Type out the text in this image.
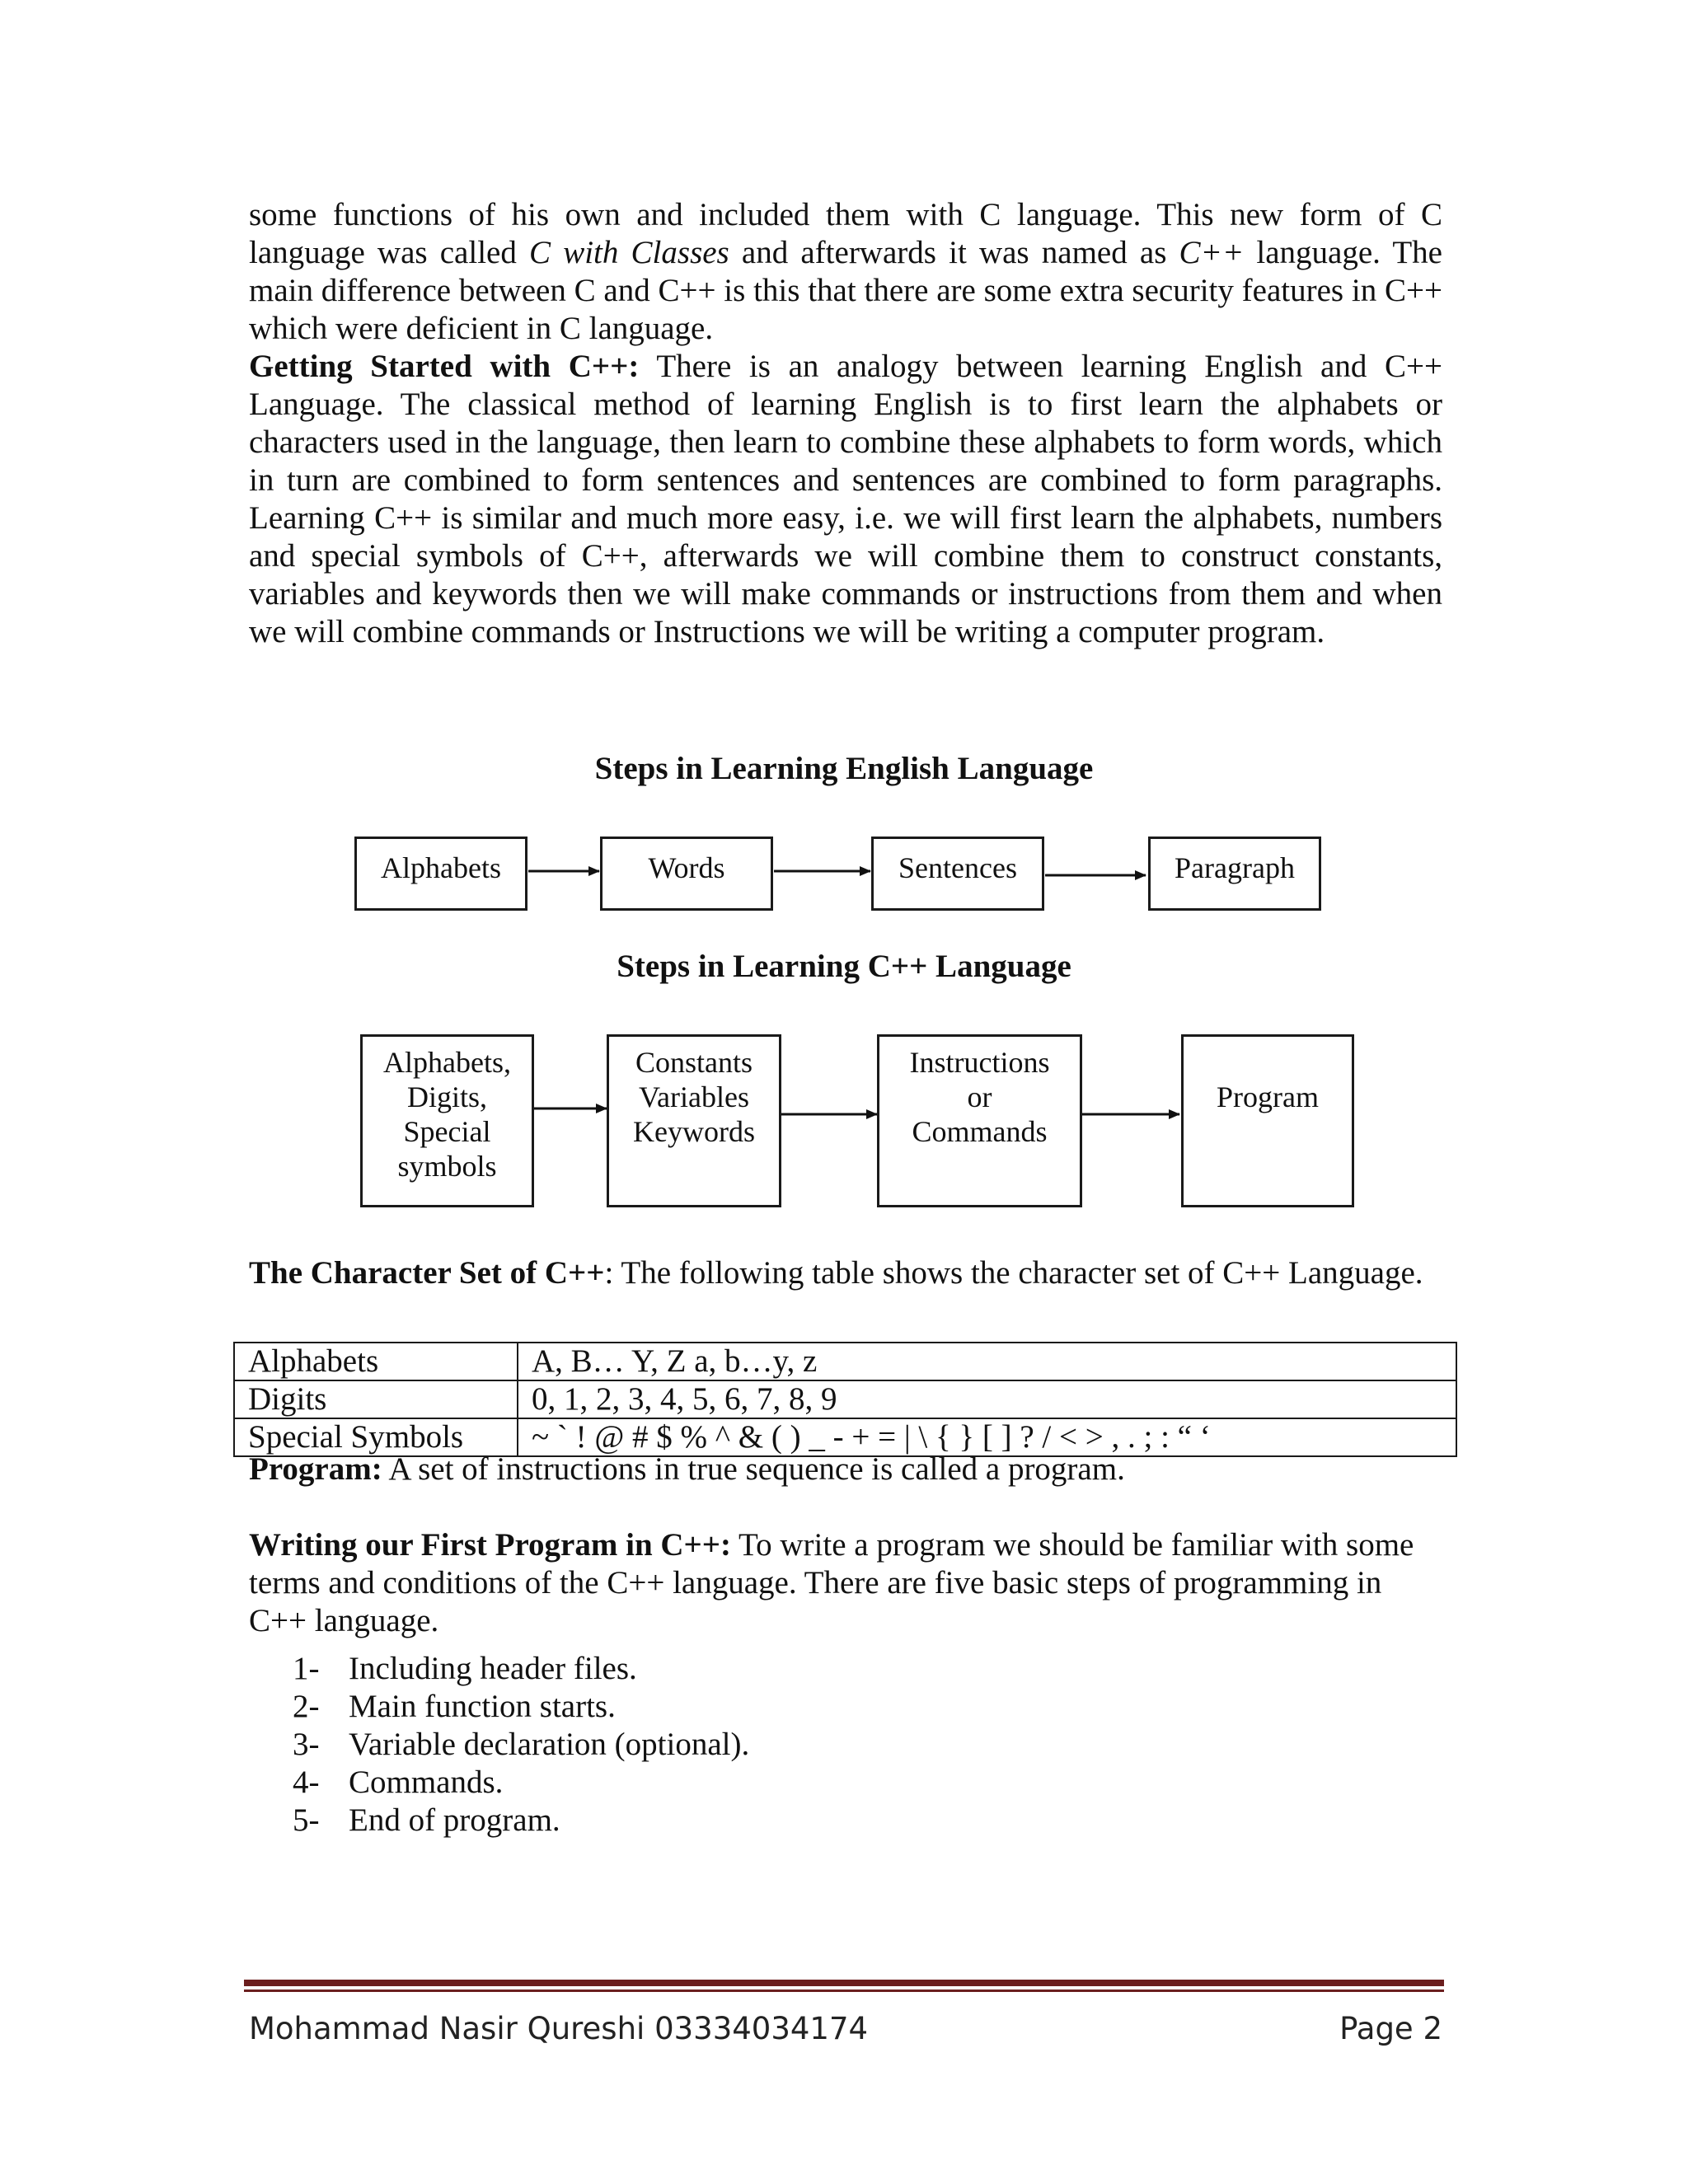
some functions of his own and included them with C language. This new form of C language was called C with Classes and afterwards it was named as C++ language. The main difference between C and C++ is this that there are some extra security features in C++ which were deficient in C language.

Getting Started with C++: There is an analogy between learning English and C++ Language. The classical method of learning English is to first learn the alphabets or characters used in the language, then learn to combine these alphabets to form words, which in turn are combined to form sentences and sentences are combined to form paragraphs. Learning C++ is similar and much more easy, i.e. we will first learn the alphabets, numbers and special symbols of C++, afterwards we will combine them to construct constants, variables and keywords then we will make commands or instructions from them and when we will combine commands or Instructions we will be writing a computer program.

Steps in Learning English Language
Alphabets	Words	Sentences	Paragraph
Steps in Learning C++ Language
Alphabets,
Digits,
Special
symbols
Constants
Variables
Keywords
Instructions
or
Commands
Program

The Character Set of C++: The following table shows the character set of C++ Language.

Alphabets	A, B… Y, Z a, b…y, z
Digits	0, 1, 2, 3, 4, 5, 6, 7, 8, 9
Special Symbols	~ ` ! @ # $ % ^ & ( ) _ - + = | \ { } [ ] ? / < > , . ; : “ ‘

Program: A set of instructions in true sequence is called a program.

Writing our First Program in C++: To write a program we should be familiar with some terms and conditions of the C++ language. There are five basic steps of programming in C++ language.

1- Including header files.
2- Main function starts.
3- Variable declaration (optional).
4- Commands.
5- End of program.
Mohammad Nasir Qureshi 03334034174	Page 2
